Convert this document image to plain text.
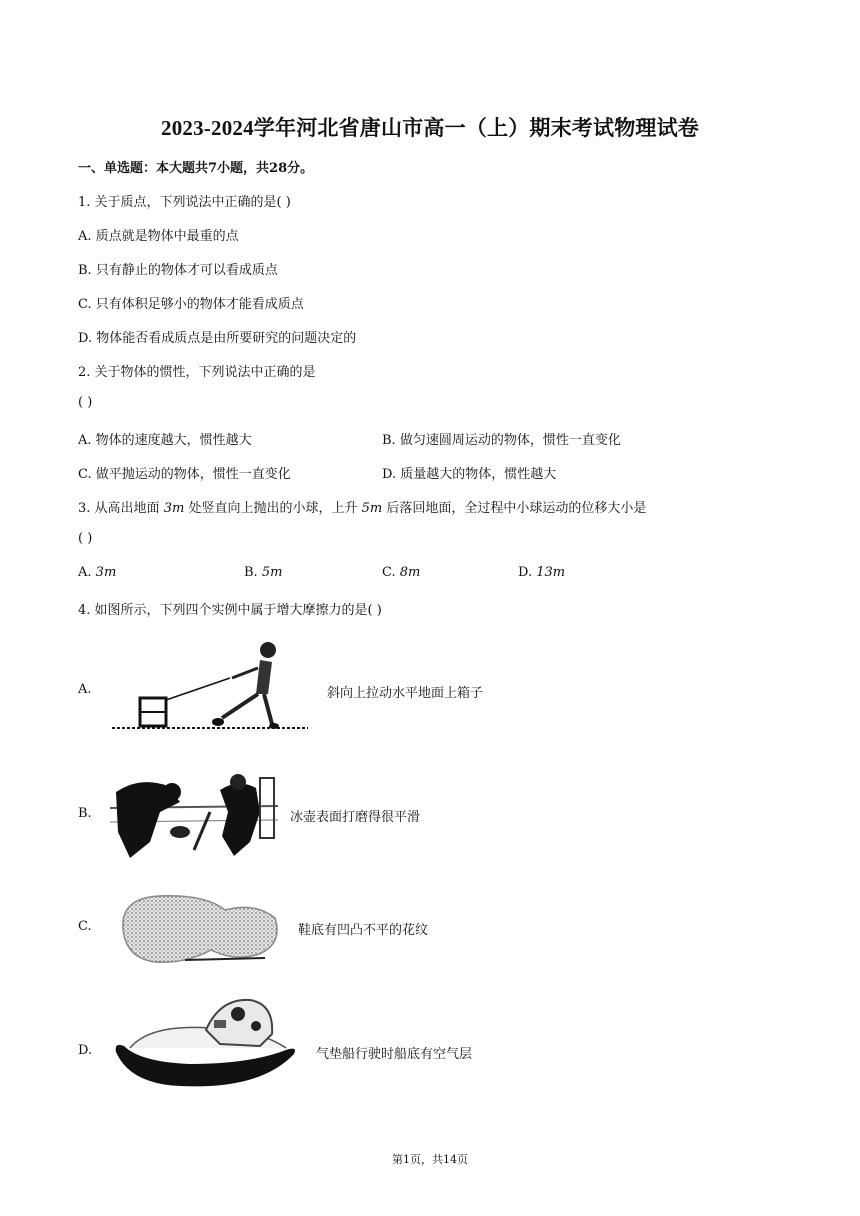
2023-2024学年河北省唐山市高一（上）期末考试物理试卷
一、单选题：本大题共7小题，共28分。
1. 关于质点，下列说法中正确的是( )
A. 质点就是物体中最重的点
B. 只有静止的物体才可以看成质点
C. 只有体积足够小的物体才能看成质点
D. 物体能否看成质点是由所要研究的问题决定的
2. 关于物体的惯性，下列说法中正确的是
( )
A. 物体的速度越大，惯性越大	B. 做匀速圆周运动的物体，惯性一直变化
C. 做平抛运动的物体，惯性一直变化	D. 质量越大的物体，惯性越大
3. 从高出地面 3m 处竖直向上抛出的小球，上升 5m 后落回地面，全过程中小球运动的位移大小是
( )
A. 3m	B. 5m	C. 8m	D. 13m
4. 如图所示，下列四个实例中属于增大摩擦力的是( )
A.	斜向上拉动水平地面上箱子
B.	冰壶表面打磨得很平滑
C.	鞋底有凹凸不平的花纹
D.	气垫船行驶时船底有空气层
第1页，共14页
